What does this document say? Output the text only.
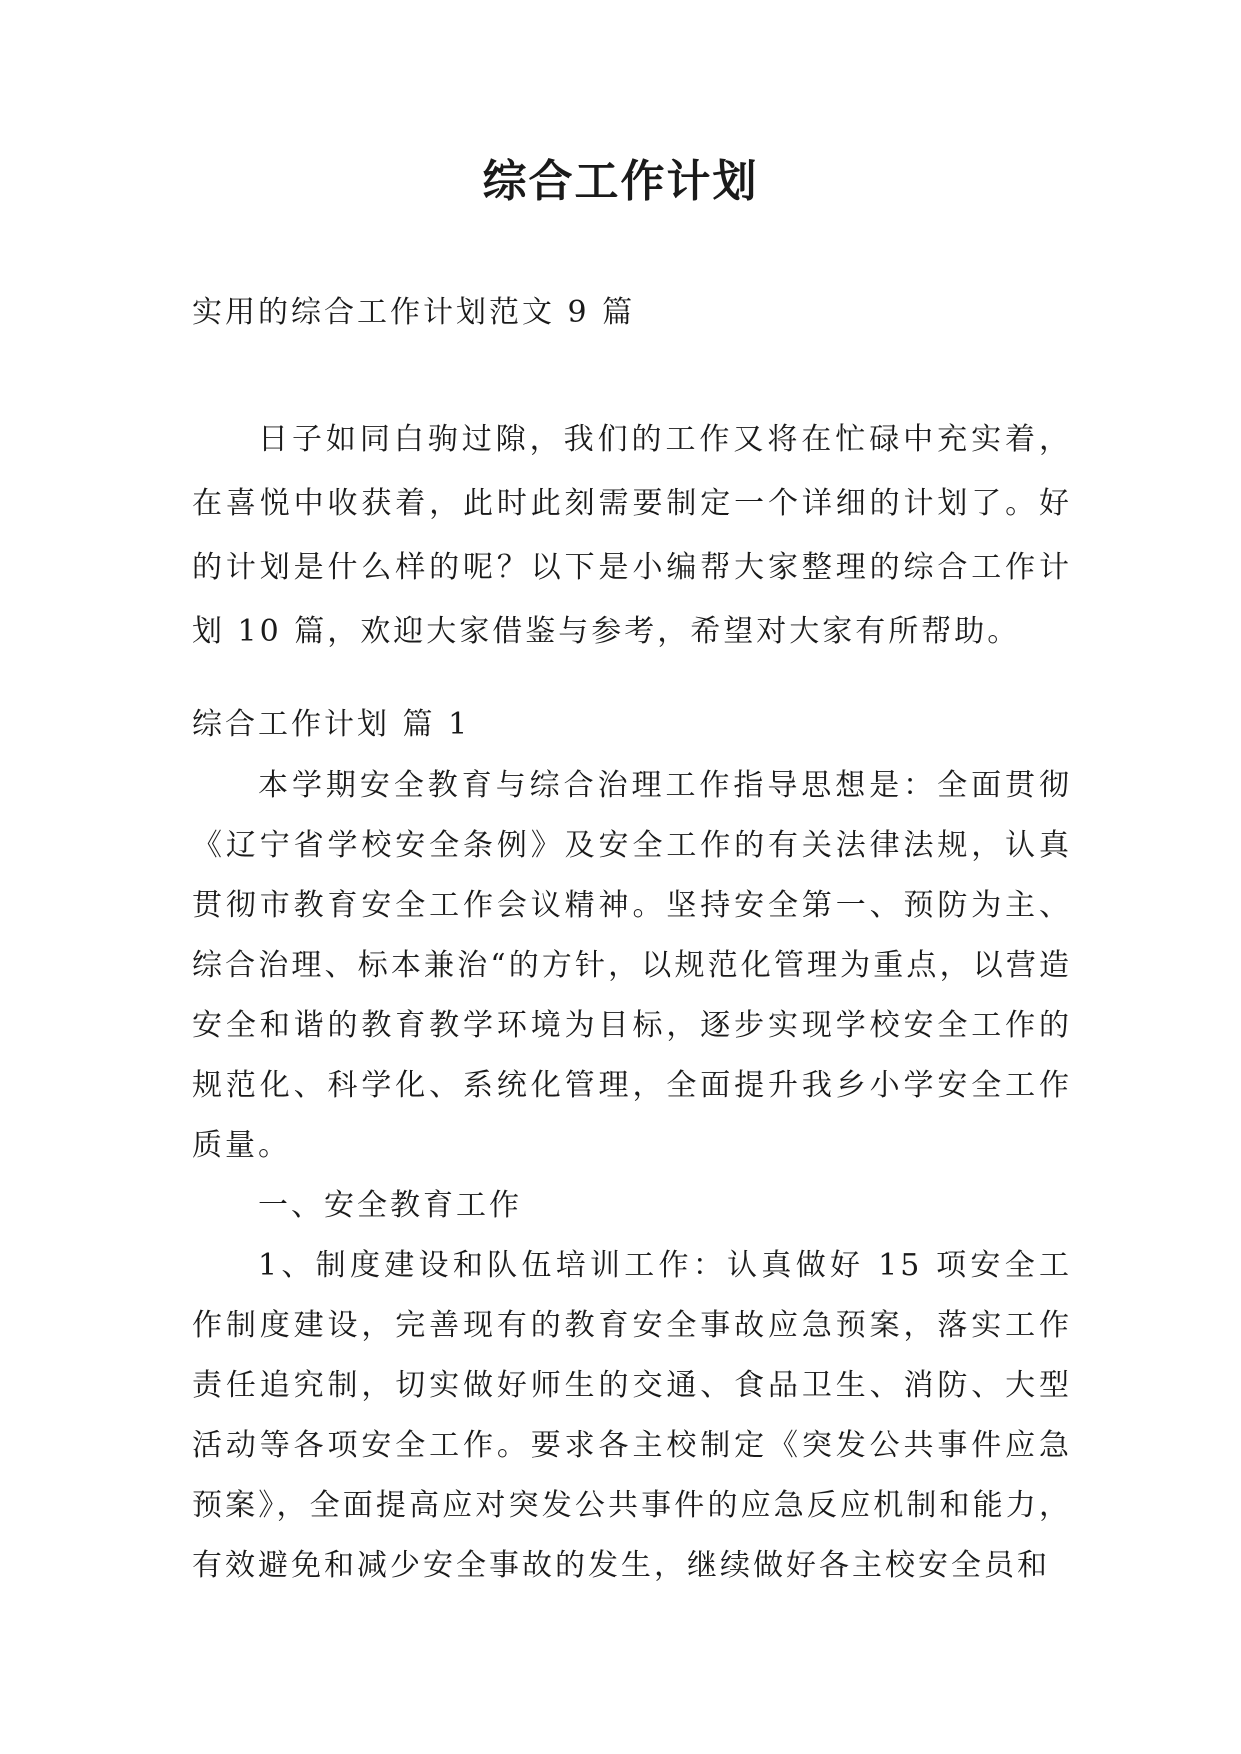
综合工作计划

实用的综合工作计划范文 9 篇

日子如同白驹过隙，我们的工作又将在忙碌中充实着，在喜悦中收获着，此时此刻需要制定一个详细的计划了。好的计划是什么样的呢？以下是小编帮大家整理的综合工作计划 10 篇，欢迎大家借鉴与参考，希望对大家有所帮助。

综合工作计划 篇 1

本学期安全教育与综合治理工作指导思想是：全面贯彻《辽宁省学校安全条例》及安全工作的有关法律法规，认真贯彻市教育安全工作会议精神。坚持安全第一、预防为主、综合治理、标本兼治“的方针，以规范化管理为重点，以营造安全和谐的教育教学环境为目标，逐步实现学校安全工作的规范化、科学化、系统化管理，全面提升我乡小学安全工作质量。

一、安全教育工作

1、制度建设和队伍培训工作：认真做好 15 项安全工作制度建设，完善现有的教育安全事故应急预案，落实工作责任追究制，切实做好师生的交通、食品卫生、消防、大型活动等各项安全工作。要求各主校制定《突发公共事件应急预案》，全面提高应对突发公共事件的应急反应机制和能力，有效避免和减少安全事故的发生，继续做好各主校安全员和
